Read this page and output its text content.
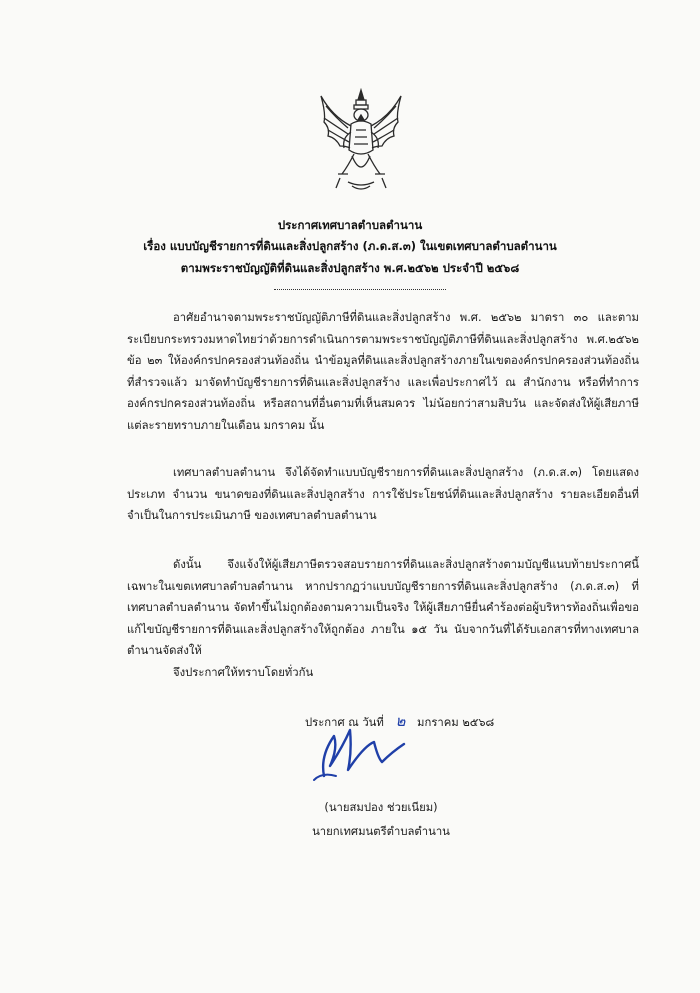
ประกาศเทศบาลตำบลตำนาน
เรื่อง แบบบัญชีรายการที่ดินและสิ่งปลูกสร้าง (ภ.ด.ส.๓) ในเขตเทศบาลตำบลตำนาน
ตามพระราชบัญญัติที่ดินและสิ่งปลูกสร้าง พ.ศ.๒๕๖๒ ประจำปี ๒๕๖๘

อาศัยอำนาจตามพระราชบัญญัติภาษีที่ดินและสิ่งปลูกสร้าง พ.ศ. ๒๕๖๒ มาตรา ๓๐ และตามระเบียบกระทรวงมหาดไทยว่าด้วยการดำเนินการตามพระราชบัญญัติภาษีที่ดินและสิ่งปลูกสร้าง พ.ศ.๒๕๖๒ ข้อ ๒๓ ให้องค์กรปกครองส่วนท้องถิ่น นำข้อมูลที่ดินและสิ่งปลูกสร้างภายในเขตองค์กรปกครองส่วนท้องถิ่นที่สำรวจแล้ว มาจัดทำบัญชีรายการที่ดินและสิ่งปลูกสร้าง และเพื่อประกาศไว้ ณ สำนักงาน หรือที่ทำการองค์กรปกครองส่วนท้องถิ่น หรือสถานที่อื่นตามที่เห็นสมควร ไม่น้อยกว่าสามสิบวัน และจัดส่งให้ผู้เสียภาษีแต่ละรายทราบภายในเดือน มกราคม นั้น

เทศบาลตำบลตำนาน จึงได้จัดทำแบบบัญชีรายการที่ดินและสิ่งปลูกสร้าง (ภ.ด.ส.๓) โดยแสดงประเภท จำนวน ขนาดของที่ดินและสิ่งปลูกสร้าง การใช้ประโยชน์ที่ดินและสิ่งปลูกสร้าง รายละเอียดอื่นที่จำเป็นในการประเมินภาษี ของเทศบาลตำบลตำนาน

ดังนั้น จึงแจ้งให้ผู้เสียภาษีตรวจสอบรายการที่ดินและสิ่งปลูกสร้างตามบัญชีแนบท้ายประกาศนี้ เฉพาะในเขตเทศบาลตำบลตำนาน หากปรากฏว่าแบบบัญชีรายการที่ดินและสิ่งปลูกสร้าง (ภ.ด.ส.๓) ที่เทศบาลตำบลตำนาน จัดทำขึ้นไม่ถูกต้องตามความเป็นจริง ให้ผู้เสียภาษียื่นคำร้องต่อผู้บริหารท้องถิ่นเพื่อขอแก้ไขบัญชีรายการที่ดินและสิ่งปลูกสร้างให้ถูกต้อง ภายใน ๑๕ วัน นับจากวันที่ได้รับเอกสารที่ทางเทศบาลตำนานจัดส่งให้

จึงประกาศให้ทราบโดยทั่วกัน
ประกาศ ณ วันที่ ๒ มกราคม ๒๕๖๘
(นายสมปอง ช่วยเนียม)
นายกเทศมนตรีตำบลตำนาน
